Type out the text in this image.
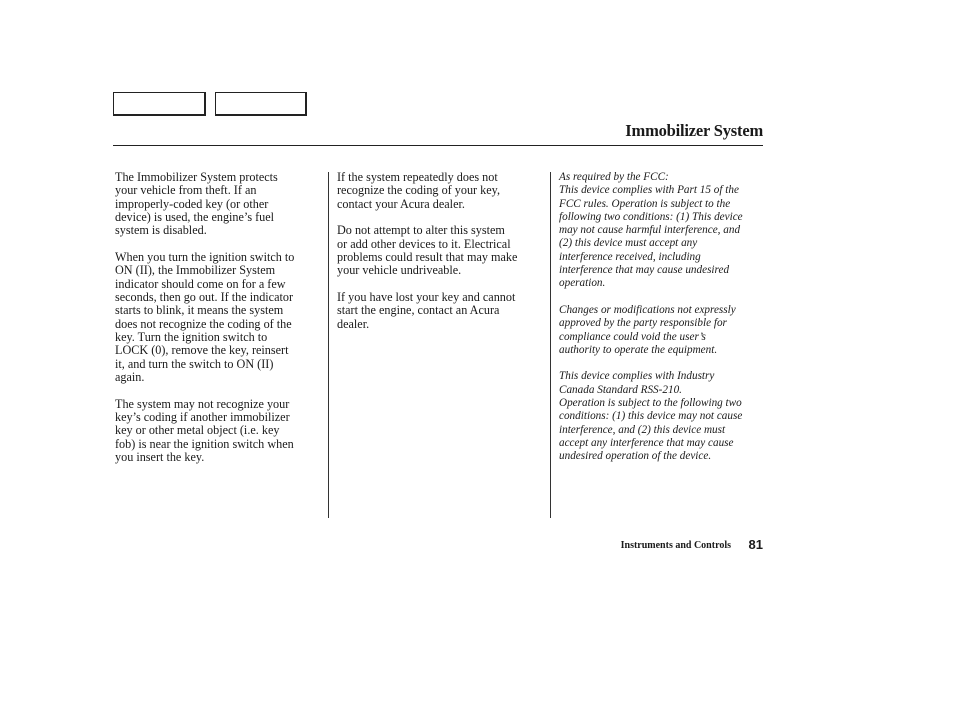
Immobilizer System

The Immobilizer System protects
your vehicle from theft. If an
improperly-coded key (or other
device) is used, the engine’s fuel
system is disabled.

When you turn the ignition switch to
ON (II), the Immobilizer System
indicator should come on for a few
seconds, then go out. If the indicator
starts to blink, it means the system
does not recognize the coding of the
key. Turn the ignition switch to
LOCK (0), remove the key, reinsert
it, and turn the switch to ON (II)
again.

The system may not recognize your
key’s coding if another immobilizer
key or other metal object (i.e. key
fob) is near the ignition switch when
you insert the key.

If the system repeatedly does not
recognize the coding of your key,
contact your Acura dealer.

Do not attempt to alter this system
or add other devices to it. Electrical
problems could result that may make
your vehicle undriveable.

If you have lost your key and cannot
start the engine, contact an Acura
dealer.

As required by the FCC:
This device complies with Part 15 of the
FCC rules. Operation is subject to the
following two conditions: (1) This device
may not cause harmful interference, and
(2) this device must accept any
interference received, including
interference that may cause undesired
operation.

Changes or modifications not expressly
approved by the party responsible for
compliance could void the user’s
authority to operate the equipment.

This device complies with Industry
Canada Standard RSS-210.
Operation is subject to the following two
conditions: (1) this device may not cause
interference, and (2) this device must
accept any interference that may cause
undesired operation of the device.

Instruments and Controls 81
